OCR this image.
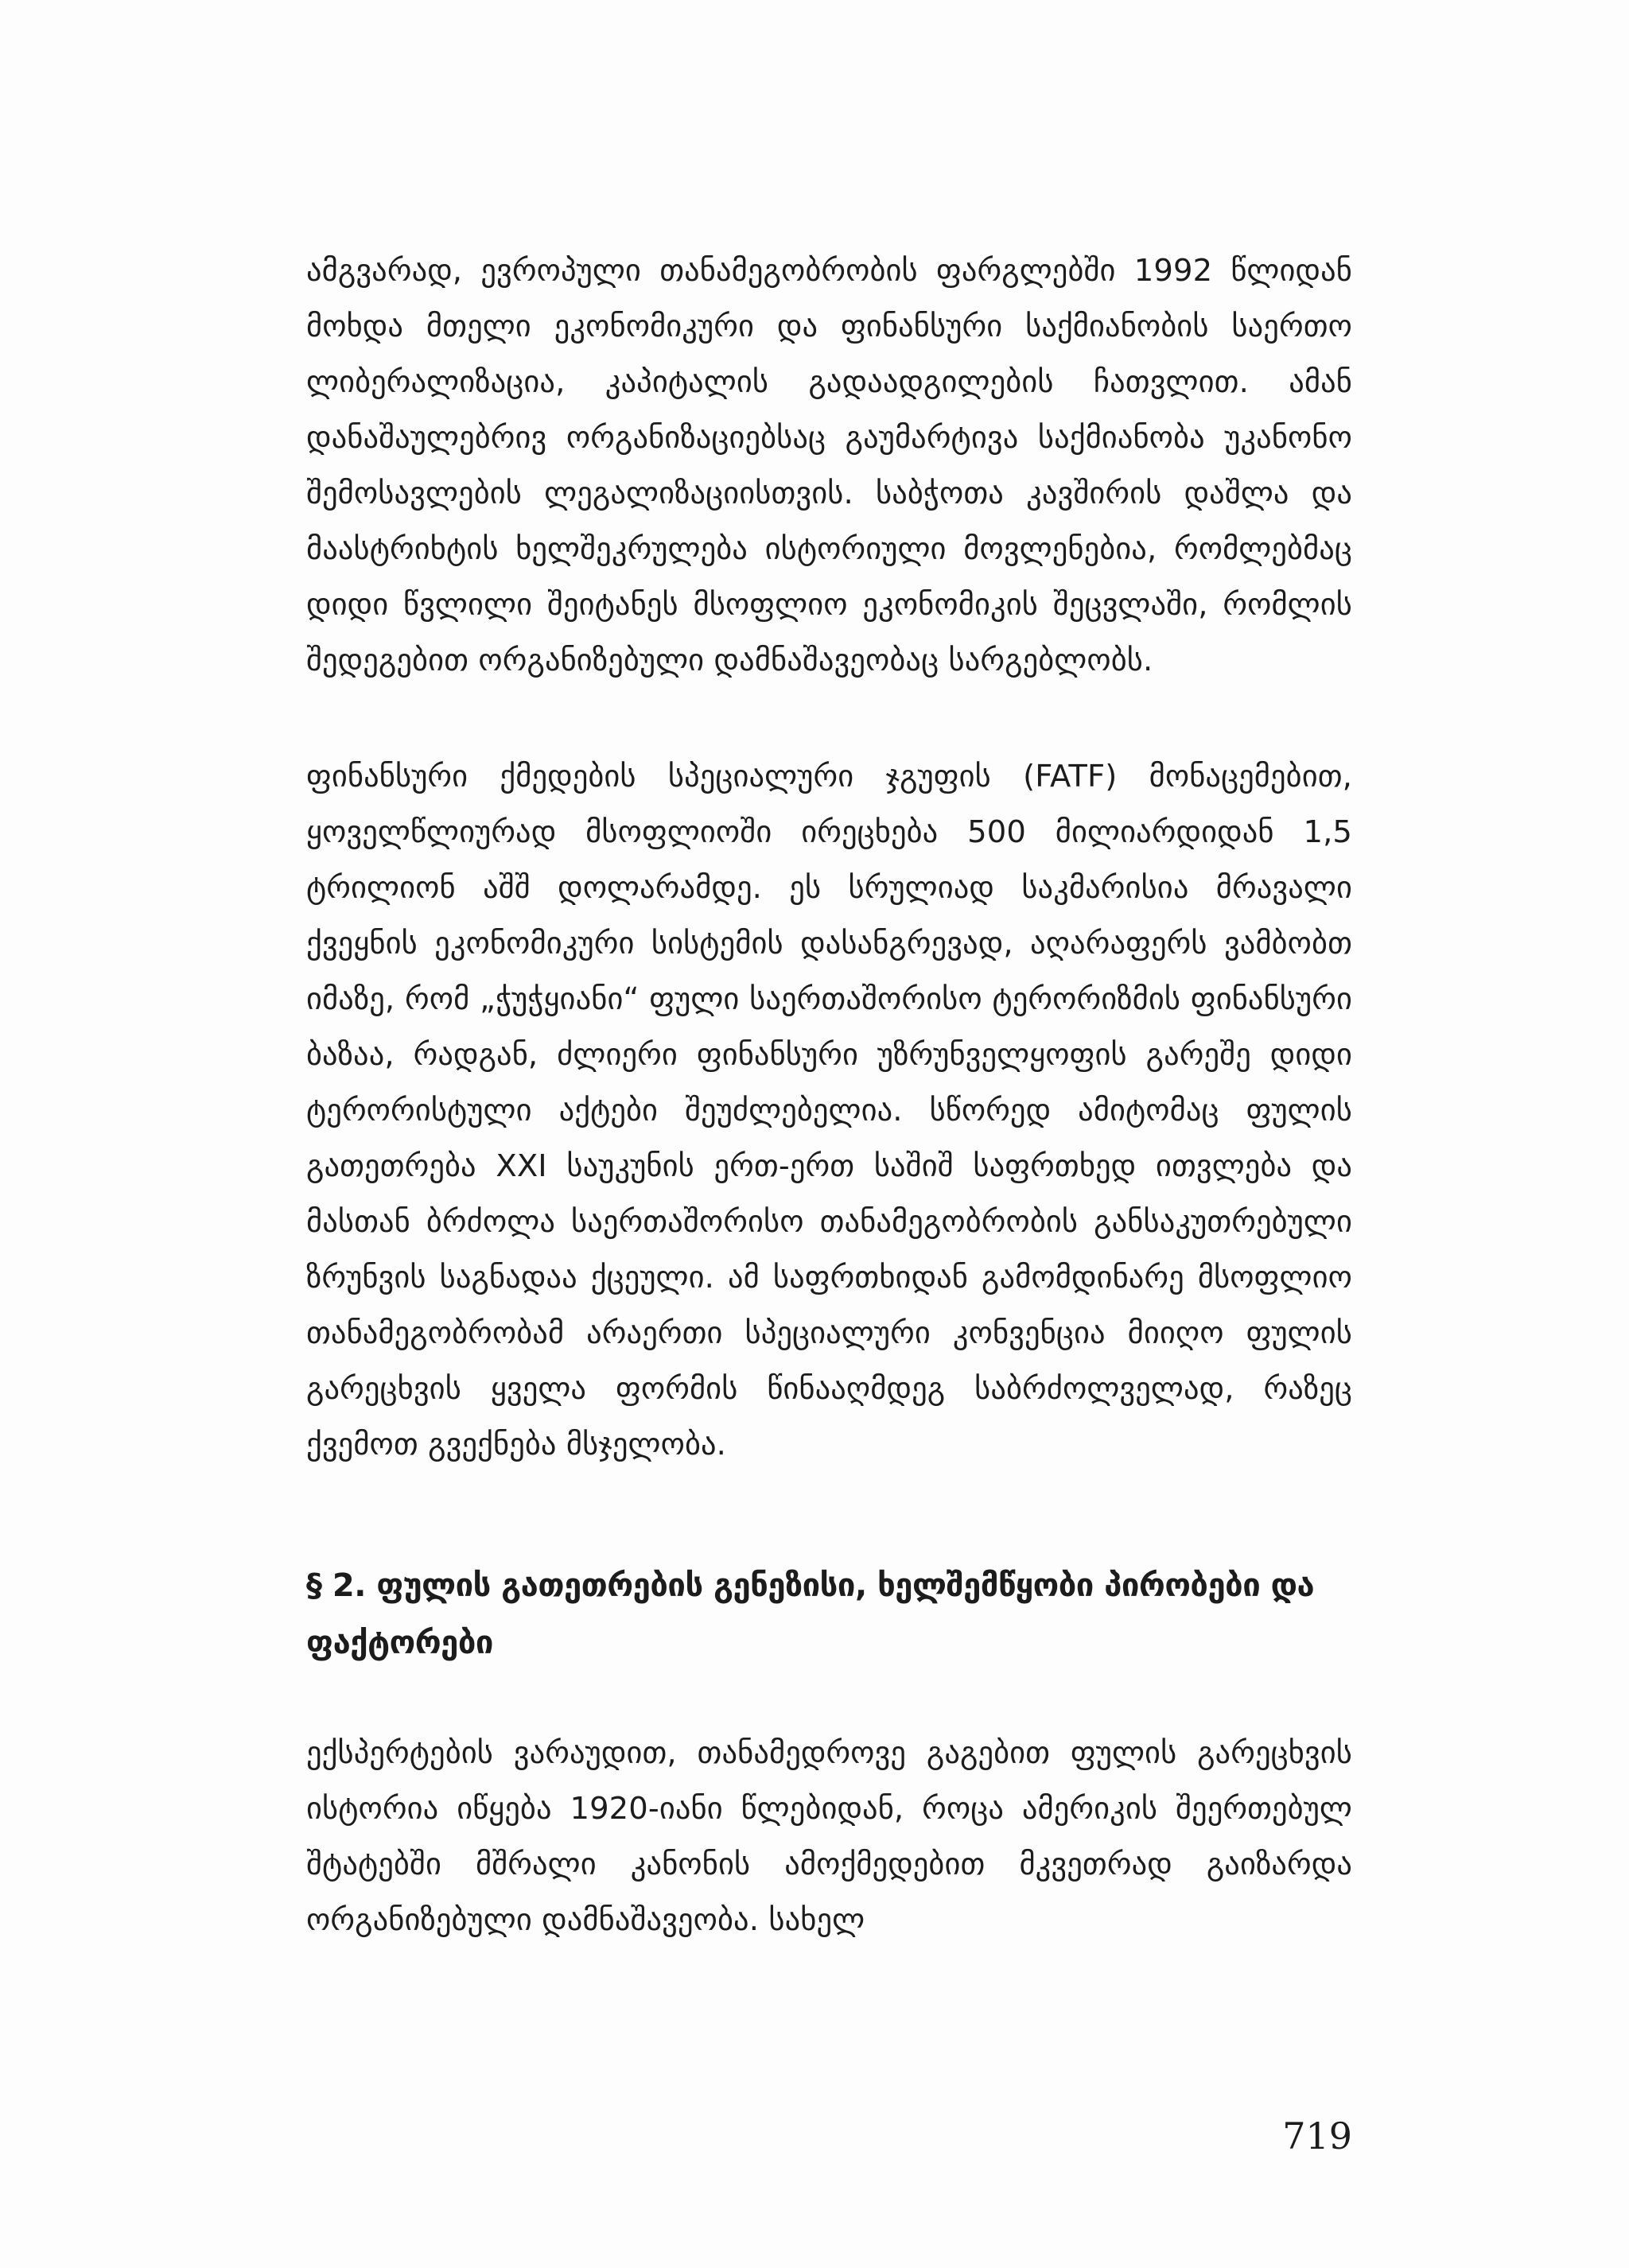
ამგვარად, ევროპული თანამეგობრობის ფარგლებში 1992 წლიდან მოხდა მთელი ეკონომიკური და ფინანსური საქმიანობის საერთო ლიბერალიზაცია, კაპიტალის გადაადგილების ჩათვლით. ამან დანაშაულებრივ ორგანიზაციებსაც გაუმარტივა საქმიანობა უკანონო შემოსავლების ლეგალიზაციისთვის. საბჭოთა კავშირის დაშლა და მაასტრიხტის ხელშეკრულება ისტორიული მოვლენებია, რომლებმაც დიდი წვლილი შეიტანეს მსოფლიო ეკონომიკის შეცვლაში, რომლის შედეგებით ორგანიზებული დამნაშავეობაც სარგებლობს.

ფინანსური ქმედების სპეციალური ჯგუფის (FATF) მონაცემებით, ყოველწლიურად მსოფლიოში ირეცხება 500 მილიარდიდან 1,5 ტრილიონ აშშ დოლარამდე. ეს სრულიად საკმარისია მრავალი ქვეყნის ეკონომიკური სისტემის დასანგრევად, აღარაფერს ვამბობთ იმაზე, რომ „ჭუჭყიანი“ ფული საერთაშორისო ტერორიზმის ფინანსური ბაზაა, რადგან, ძლიერი ფინანსური უზრუნველყოფის გარეშე დიდი ტერორისტული აქტები შეუძლებელია. სწორედ ამიტომაც ფულის გათეთრება XXI საუკუნის ერთ-ერთ საშიშ საფრთხედ ითვლება და მასთან ბრძოლა საერთაშორისო თანამეგობრობის განსაკუთრებული ზრუნვის საგნადაა ქცეული. ამ საფრთხიდან გამომდინარე მსოფლიო თანამეგობრობამ არაერთი სპეციალური კონვენცია მიიღო ფულის გარეცხვის ყველა ფორმის წინააღმდეგ საბრძოლველად, რაზეც ქვემოთ გვექნება მსჯელობა.

§ 2. ფულის გათეთრების გენეზისი, ხელშემწყობი პირობები და ფაქტორები

ექსპერტების ვარაუდით, თანამედროვე გაგებით ფულის გარეცხვის ისტორია იწყება 1920-იანი წლებიდან, როცა ამერიკის შეერთებულ შტატებში მშრალი კანონის ამოქმედებით მკვეთრად გაიზარდა ორგანიზებული დამნაშავეობა. სახელ

719
